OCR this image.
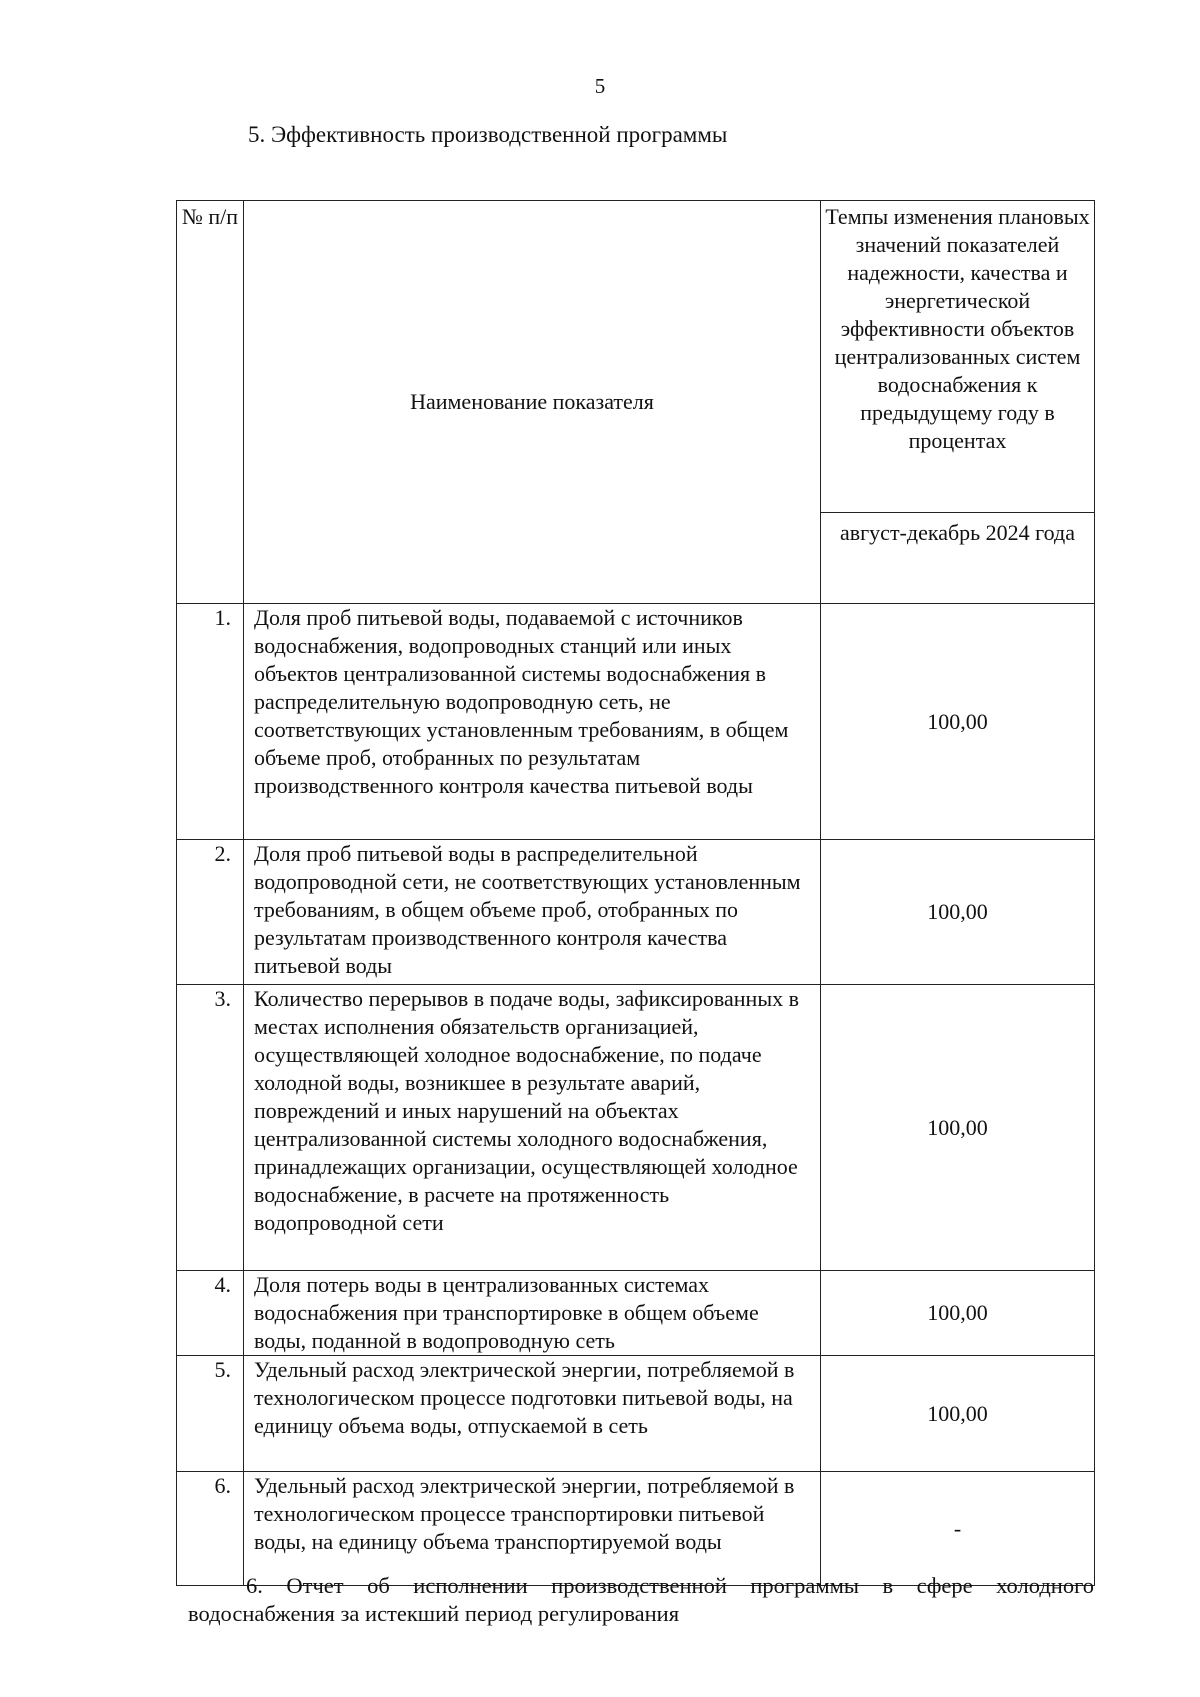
5
5. Эффективность производственной программы
№ п/п	Наименование показателя	Темпы изменения плановых значений показателей надежности, качества и энергетической эффективности объектов централизованных систем водоснабжения к предыдущему году в процентах
		август-декабрь 2024 года
1.	Доля проб питьевой воды, подаваемой с источников водоснабжения, водопроводных станций или иных объектов централизованной системы водоснабжения в распределительную водопроводную сеть, не соответствующих установленным требованиям, в общем объеме проб, отобранных по результатам производственного контроля качества питьевой воды	100,00
2.	Доля проб питьевой воды в распределительной водопроводной сети, не соответствующих установленным требованиям, в общем объеме проб, отобранных по результатам производственного контроля качества питьевой воды	100,00
3.	Количество перерывов в подаче воды, зафиксированных в местах исполнения обязательств организацией, осуществляющей холодное водоснабжение, по подаче холодной воды, возникшее в результате аварий, повреждений и иных нарушений на объектах централизованной системы холодного водоснабжения, принадлежащих организации, осуществляющей холодное водоснабжение, в расчете на протяженность водопроводной сети	100,00
4.	Доля потерь воды в централизованных системах водоснабжения при транспортировке в общем объеме воды, поданной в водопроводную сеть	100,00
5.	Удельный расход электрической энергии, потребляемой в технологическом процессе подготовки питьевой воды, на единицу объема воды, отпускаемой в сеть	100,00
6.	Удельный расход электрической энергии, потребляемой в технологическом процессе транспортировки питьевой воды, на единицу объема транспортируемой воды	-
6. Отчет об исполнении производственной программы в сфере холодного водоснабжения за истекший период регулирования
